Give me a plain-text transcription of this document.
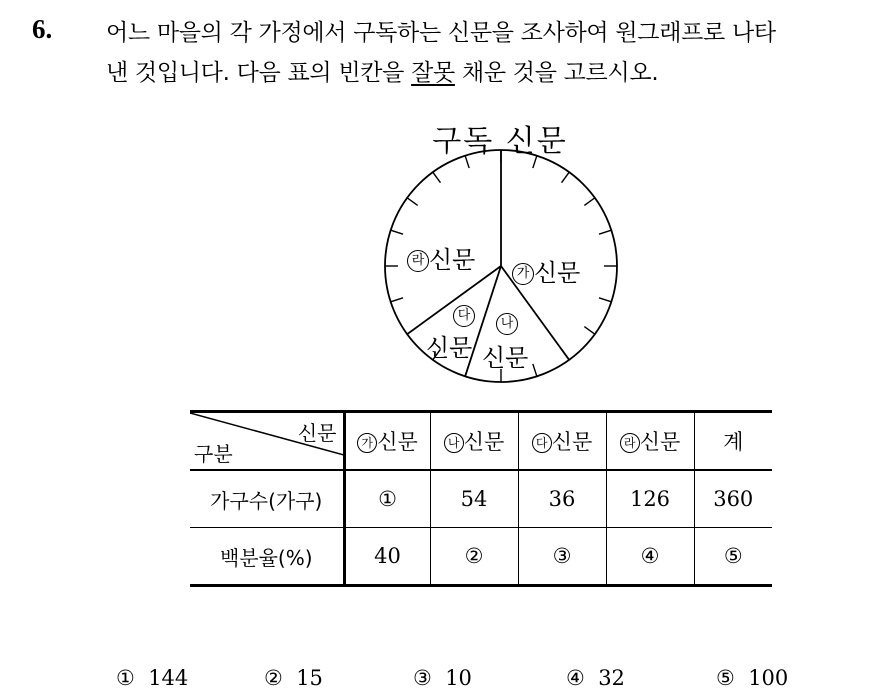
6. 어느 마을의 각 가정에서 구독하는 신문을 조사하여 원그래프로 나타
낸 것입니다. 다음 표의 빈칸을 잘못 채운 것을 고르시오.
구독 신문
가 신문
라 신문
나
신문
다
신문
신문
구분	가 신문	나 신문	다 신문	라 신문	계
가구수(가구)	①	54	36	126	360
백분율(%)	40	②	③	④	⑤
① 144	② 15	③ 10	④ 32	⑤ 100
